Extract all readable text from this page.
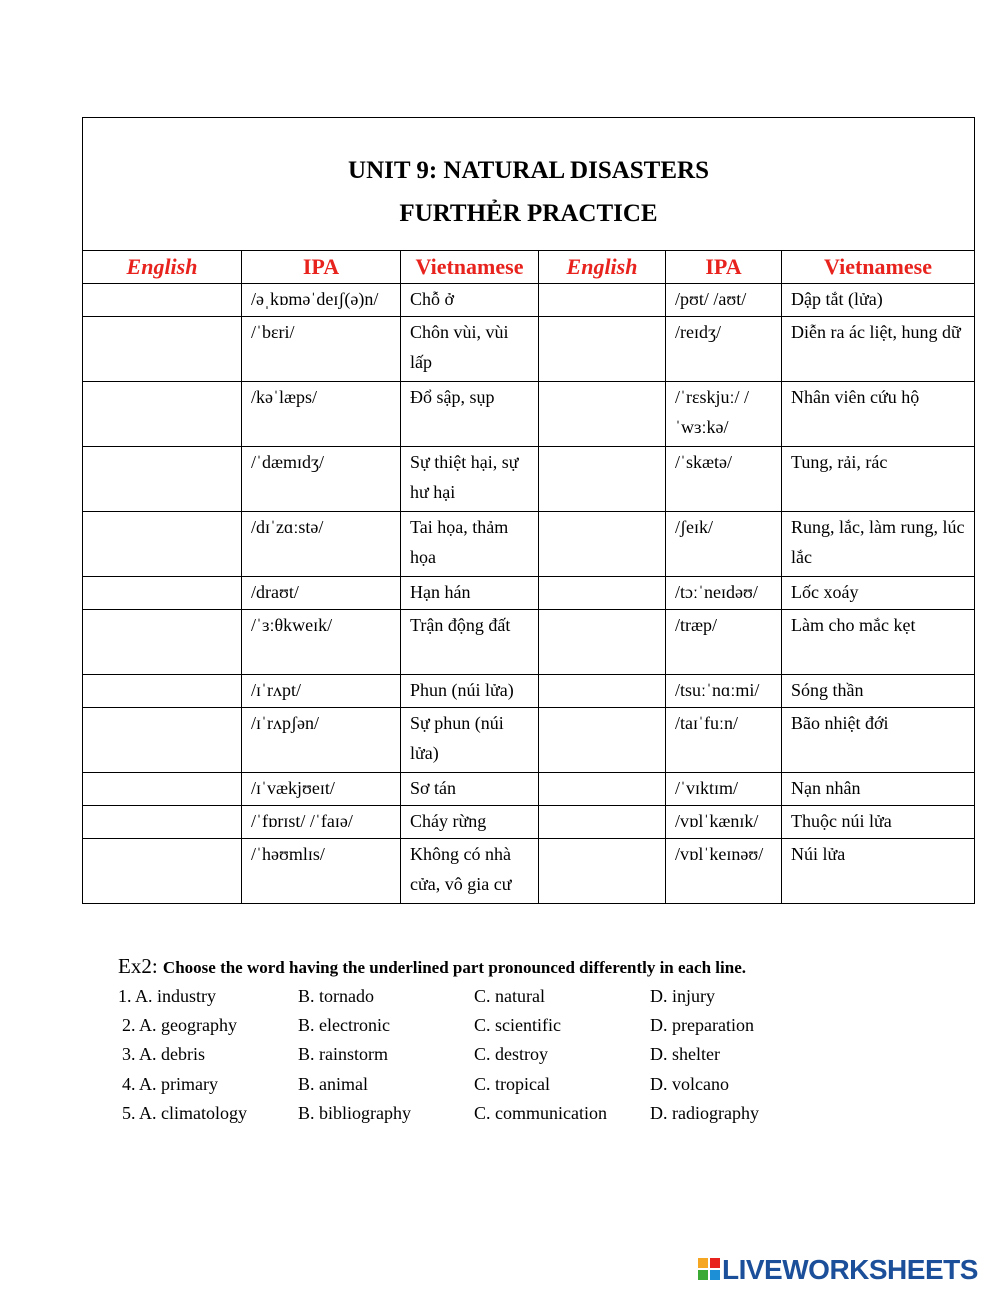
UNIT 9: NATURAL DISASTERS
FURTHẺR PRACTICE					

English	IPA	Vietnamese	English	IPA	Vietnamese
	/əˌkɒməˈdeɪʃ(ə)n/	Chỗ ở		/pʊt/ /aʊt/	Dập tắt (lửa)
	/ˈbɛri/	Chôn vùi, vùi lấp		/reɪdʒ/	Diễn ra ác liệt, hung dữ
	/kəˈlæps/	Đổ sập, sụp		/ˈrɛskjuː/ /ˈwɜːkə/	Nhân viên cứu hộ
	/ˈdæmɪdʒ/	Sự thiệt hại, sự hư hại		/ˈskætə/	Tung, rải, rác
	/dɪˈzɑːstə/	Tai họa, thảm họa		/ʃeɪk/	Rung, lắc, làm rung, lúc lắc
	/draʊt/	Hạn hán		/tɔːˈneɪdəʊ/	Lốc xoáy
	/ˈɜːθkweɪk/	Trận động đất		/træp/	Làm cho mắc kẹt
	/ɪˈrʌpt/	Phun (núi lửa)		/tsuːˈnɑːmi/	Sóng thần
	/ɪˈrʌpʃən/	Sự phun (núi lửa)		/taɪˈfuːn/	Bão nhiệt đới
	/ɪˈvækjʊeɪt/	Sơ tán		/ˈvɪktɪm/	Nạn nhân
	/ˈfɒrɪst/ /ˈfaɪə/	Cháy rừng		/vɒlˈkænɪk/	Thuộc núi lửa
	/ˈhəʊmlɪs/	Không có nhà cửa, vô gia cư		/vɒlˈkeɪnəʊ/	Núi lửa
Ex2: Choose the word having the underlined part pronounced differently in each line.
1. A. industry	B. tornado	C. natural	D. injury
2. A. geography	B. electronic	C. scientific	D. preparation
3. A. debris	B. rainstorm	C. destroy	D. shelter
4. A. primary	B. animal	C. tropical	D. volcano
5. A. climatology	B. bibliography	C. communication D. radiography
LIVEWORKSHEETS
